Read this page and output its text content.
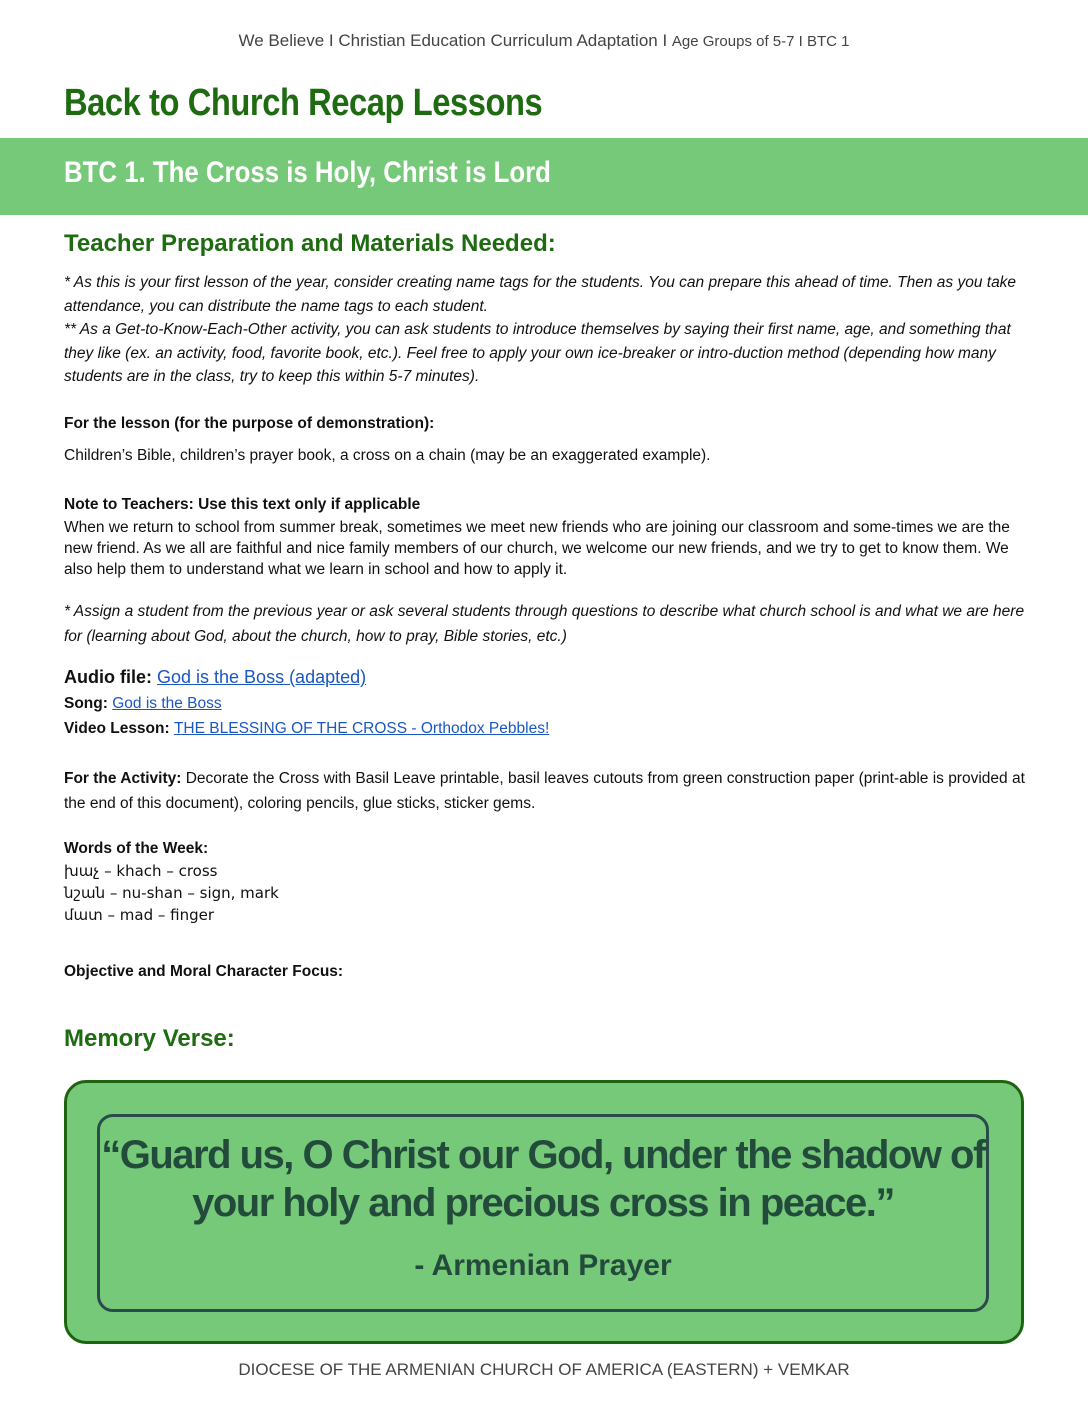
We Believe I Christian Education Curriculum Adaptation I Age Groups of 5-7 I BTC 1
Back to Church Recap Lessons
BTC 1. The Cross is Holy, Christ is Lord
Teacher Preparation and Materials Needed:
* As this is your first lesson of the year, consider creating name tags for the students. You can prepare this ahead of time. Then as you take attendance, you can distribute the name tags to each student.
** As a Get-to-Know-Each-Other activity, you can ask students to introduce themselves by saying their first name, age, and something that they like (ex. an activity, food, favorite book, etc.). Feel free to apply your own ice-breaker or intro-duction method (depending how many students are in the class, try to keep this within 5-7 minutes).
For the lesson (for the purpose of demonstration):
Children’s Bible, children’s prayer book, a cross on a chain (may be an exaggerated example).
Note to Teachers: Use this text only if applicable
When we return to school from summer break, sometimes we meet new friends who are joining our classroom and some-times we are the new friend. As we all are faithful and nice family members of our church, we welcome our new friends, and we try to get to know them. We also help them to understand what we learn in school and how to apply it.
* Assign a student from the previous year or ask several students through questions to describe what church school is and what we are here for (learning about God, about the church, how to pray, Bible stories, etc.)
Audio file: God is the Boss (adapted)
Song: God is the Boss
Video Lesson: THE BLESSING OF THE CROSS - Orthodox Pebbles!
For the Activity: Decorate the Cross with Basil Leave printable, basil leaves cutouts from green construction paper (print-able is provided at the end of this document), coloring pencils, glue sticks, sticker gems.
Words of the Week:
խաչ – khach – cross
նշան – nu-shan – sign, mark
մատ – mad – finger
Objective and Moral Character Focus:
Memory Verse:
“Guard us, O Christ our God, under the shadow of your holy and precious cross in peace.”
- Armenian Prayer
DIOCESE OF THE ARMENIAN CHURCH OF AMERICA (EASTERN) + VEMKAR
